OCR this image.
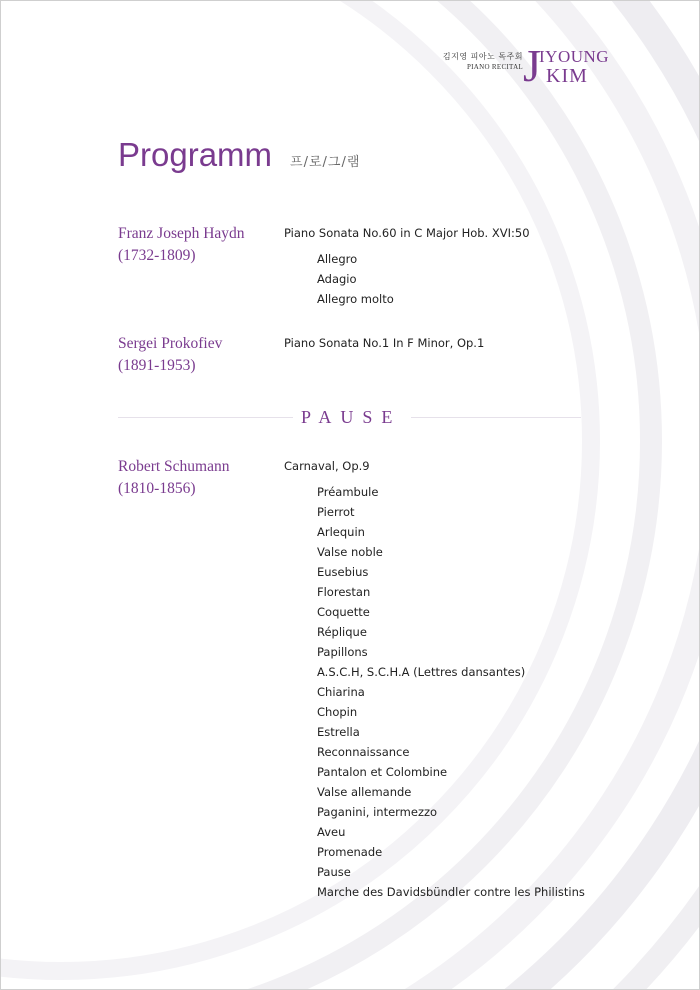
김지영 피아노 독주회
PIANO RECITAL J
IYOUNG
KIM
Programm 프/로/그/램
Franz Joseph Haydn
(1732-1809)
Piano Sonata No.60 in C Major Hob. XVI:50
Allegro
Adagio
Allegro molto
Sergei Prokofiev
(1891-1953)
Piano Sonata No.1 In F Minor, Op.1
PAUSE
Robert Schumann
(1810-1856)
Carnaval, Op.9
Préambule
Pierrot
Arlequin
Valse noble
Eusebius
Florestan
Coquette
Réplique
Papillons
A.S.C.H, S.C.H.A (Lettres dansantes)
Chiarina
Chopin
Estrella
Reconnaissance
Pantalon et Colombine
Valse allemande
Paganini, intermezzo
Aveu
Promenade
Pause
Marche des Davidsbündler contre les Philistins
